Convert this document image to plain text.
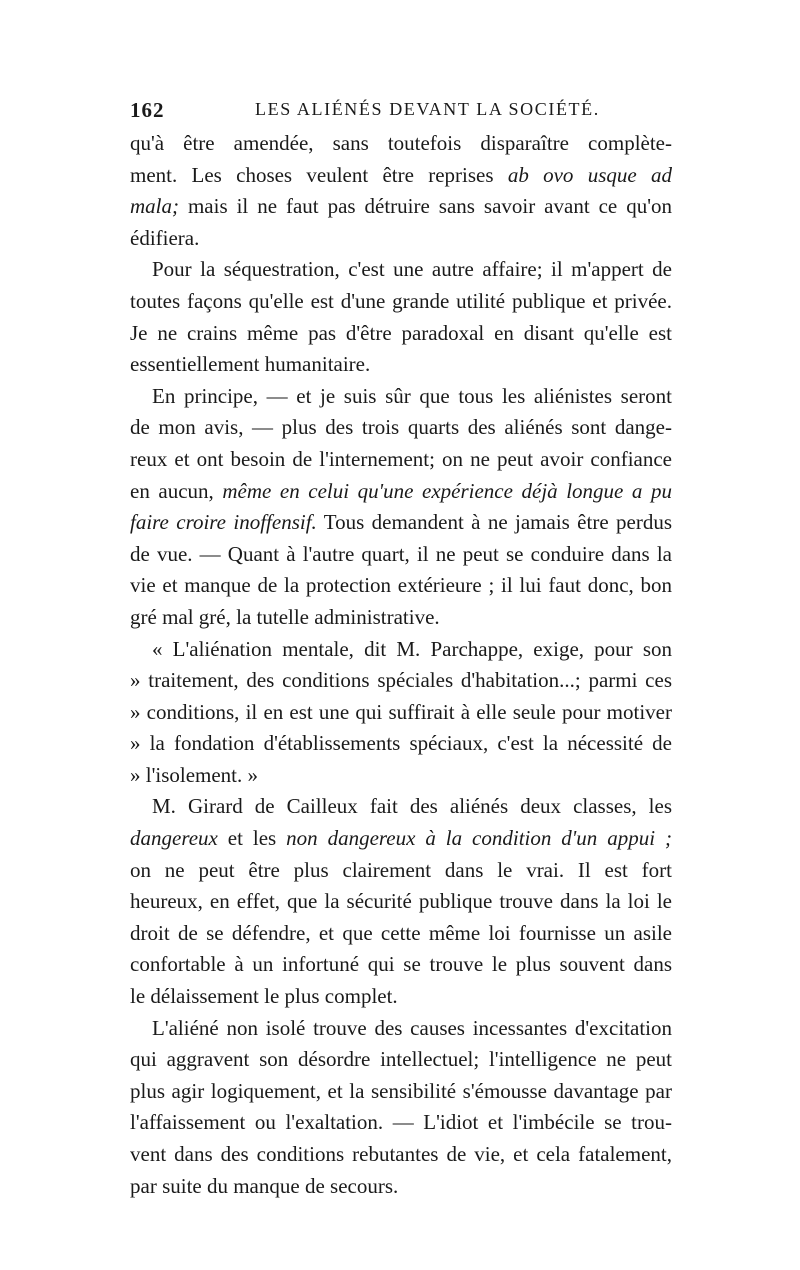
162	LES ALIÉNÉS DEVANT LA SOCIÉTÉ.
qu'à être amendée, sans toutefois disparaître complète-
ment. Les choses veulent être reprises ab ovo usque ad
mala; mais il ne faut pas détruire sans savoir avant ce qu'on
édifiera.
Pour la séquestration, c'est une autre affaire; il m'appert de
toutes façons qu'elle est d'une grande utilité publique et privée.
Je ne crains même pas d'être paradoxal en disant qu'elle est
essentiellement humanitaire.
En principe, — et je suis sûr que tous les aliénistes seront
de mon avis, — plus des trois quarts des aliénés sont dange-
reux et ont besoin de l'internement; on ne peut avoir confiance
en aucun, même en celui qu'une expérience déjà longue a pu
faire croire inoffensif. Tous demandent à ne jamais être perdus
de vue. — Quant à l'autre quart, il ne peut se conduire dans la
vie et manque de la protection extérieure ; il lui faut donc, bon
gré mal gré, la tutelle administrative.
« L'aliénation mentale, dit M. Parchappe, exige, pour son
» traitement, des conditions spéciales d'habitation...; parmi ces
» conditions, il en est une qui suffirait à elle seule pour motiver
» la fondation d'établissements spéciaux, c'est la nécessité de
» l'isolement. »
M. Girard de Cailleux fait des aliénés deux classes, les
dangereux et les non dangereux à la condition d'un appui ;
on ne peut être plus clairement dans le vrai. Il est fort
heureux, en effet, que la sécurité publique trouve dans la loi le
droit de se défendre, et que cette même loi fournisse un asile
confortable à un infortuné qui se trouve le plus souvent dans
le délaissement le plus complet.
L'aliéné non isolé trouve des causes incessantes d'excitation
qui aggravent son désordre intellectuel; l'intelligence ne peut
plus agir logiquement, et la sensibilité s'émousse davantage par
l'affaissement ou l'exaltation. — L'idiot et l'imbécile se trou-
vent dans des conditions rebutantes de vie, et cela fatalement,
par suite du manque de secours.
